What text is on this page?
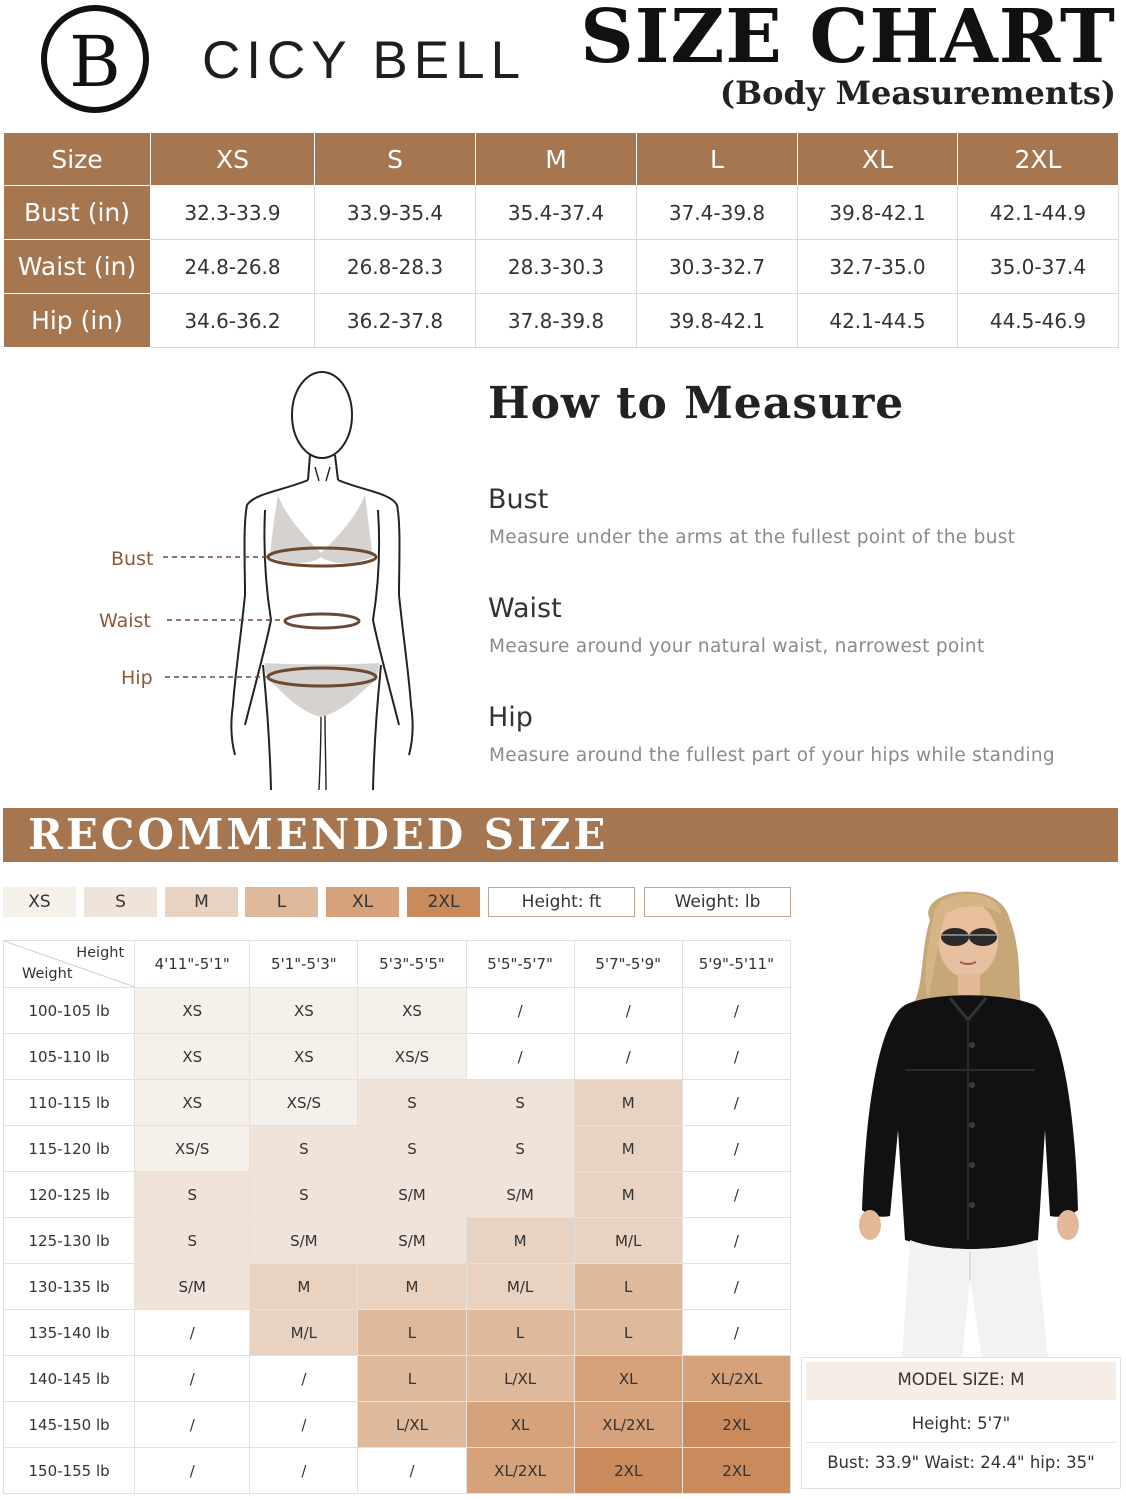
B CICY BELL SIZE CHART
(Body Measurements)
Size	XS	S	M	L	XL	2XL
Bust (in)	32.3-33.9	33.9-35.4	35.4-37.4	37.4-39.8	39.8-42.1	42.1-44.9
Waist (in)	24.8-26.8	26.8-28.3	28.3-30.3	30.3-32.7	32.7-35.0	35.0-37.4
Hip (in)	34.6-36.2	36.2-37.8	37.8-39.8	39.8-42.1	42.1-44.5	44.5-46.9
Bust
Waist
Hip
How to Measure
Bust
Measure under the arms at the fullest point of the bust
Waist
Measure around your natural waist, narrowest point
Hip
Measure around the fullest part of your hips while standing
RECOMMENDED SIZE
XS	S	M	L	XL	2XL	Height: ft	Weight: lb
Height
Weight	4'11"-5'1"	5'1"-5'3"	5'3"-5'5"	5'5"-5'7"	5'7"-5'9"	5'9"-5'11"
100-105 lb	XS	XS	XS	/	/	/
105-110 lb	XS	XS	XS/S	/	/	/
110-115 lb	XS	XS/S	S	S	M	/
115-120 lb	XS/S	S	S	S	M	/
120-125 lb	S	S	S/M	S/M	M	/
125-130 lb	S	S/M	S/M	M	M/L	/
130-135 lb	S/M	M	M	M/L	L	/
135-140 lb	/	M/L	L	L	L	/
140-145 lb	/	/	L	L/XL	XL	XL/2XL
145-150 lb	/	/	L/XL	XL	XL/2XL	2XL
150-155 lb	/	/	/	XL/2XL	2XL	2XL
MODEL SIZE: M
Height: 5'7"
Bust: 33.9" Waist: 24.4" hip: 35"
